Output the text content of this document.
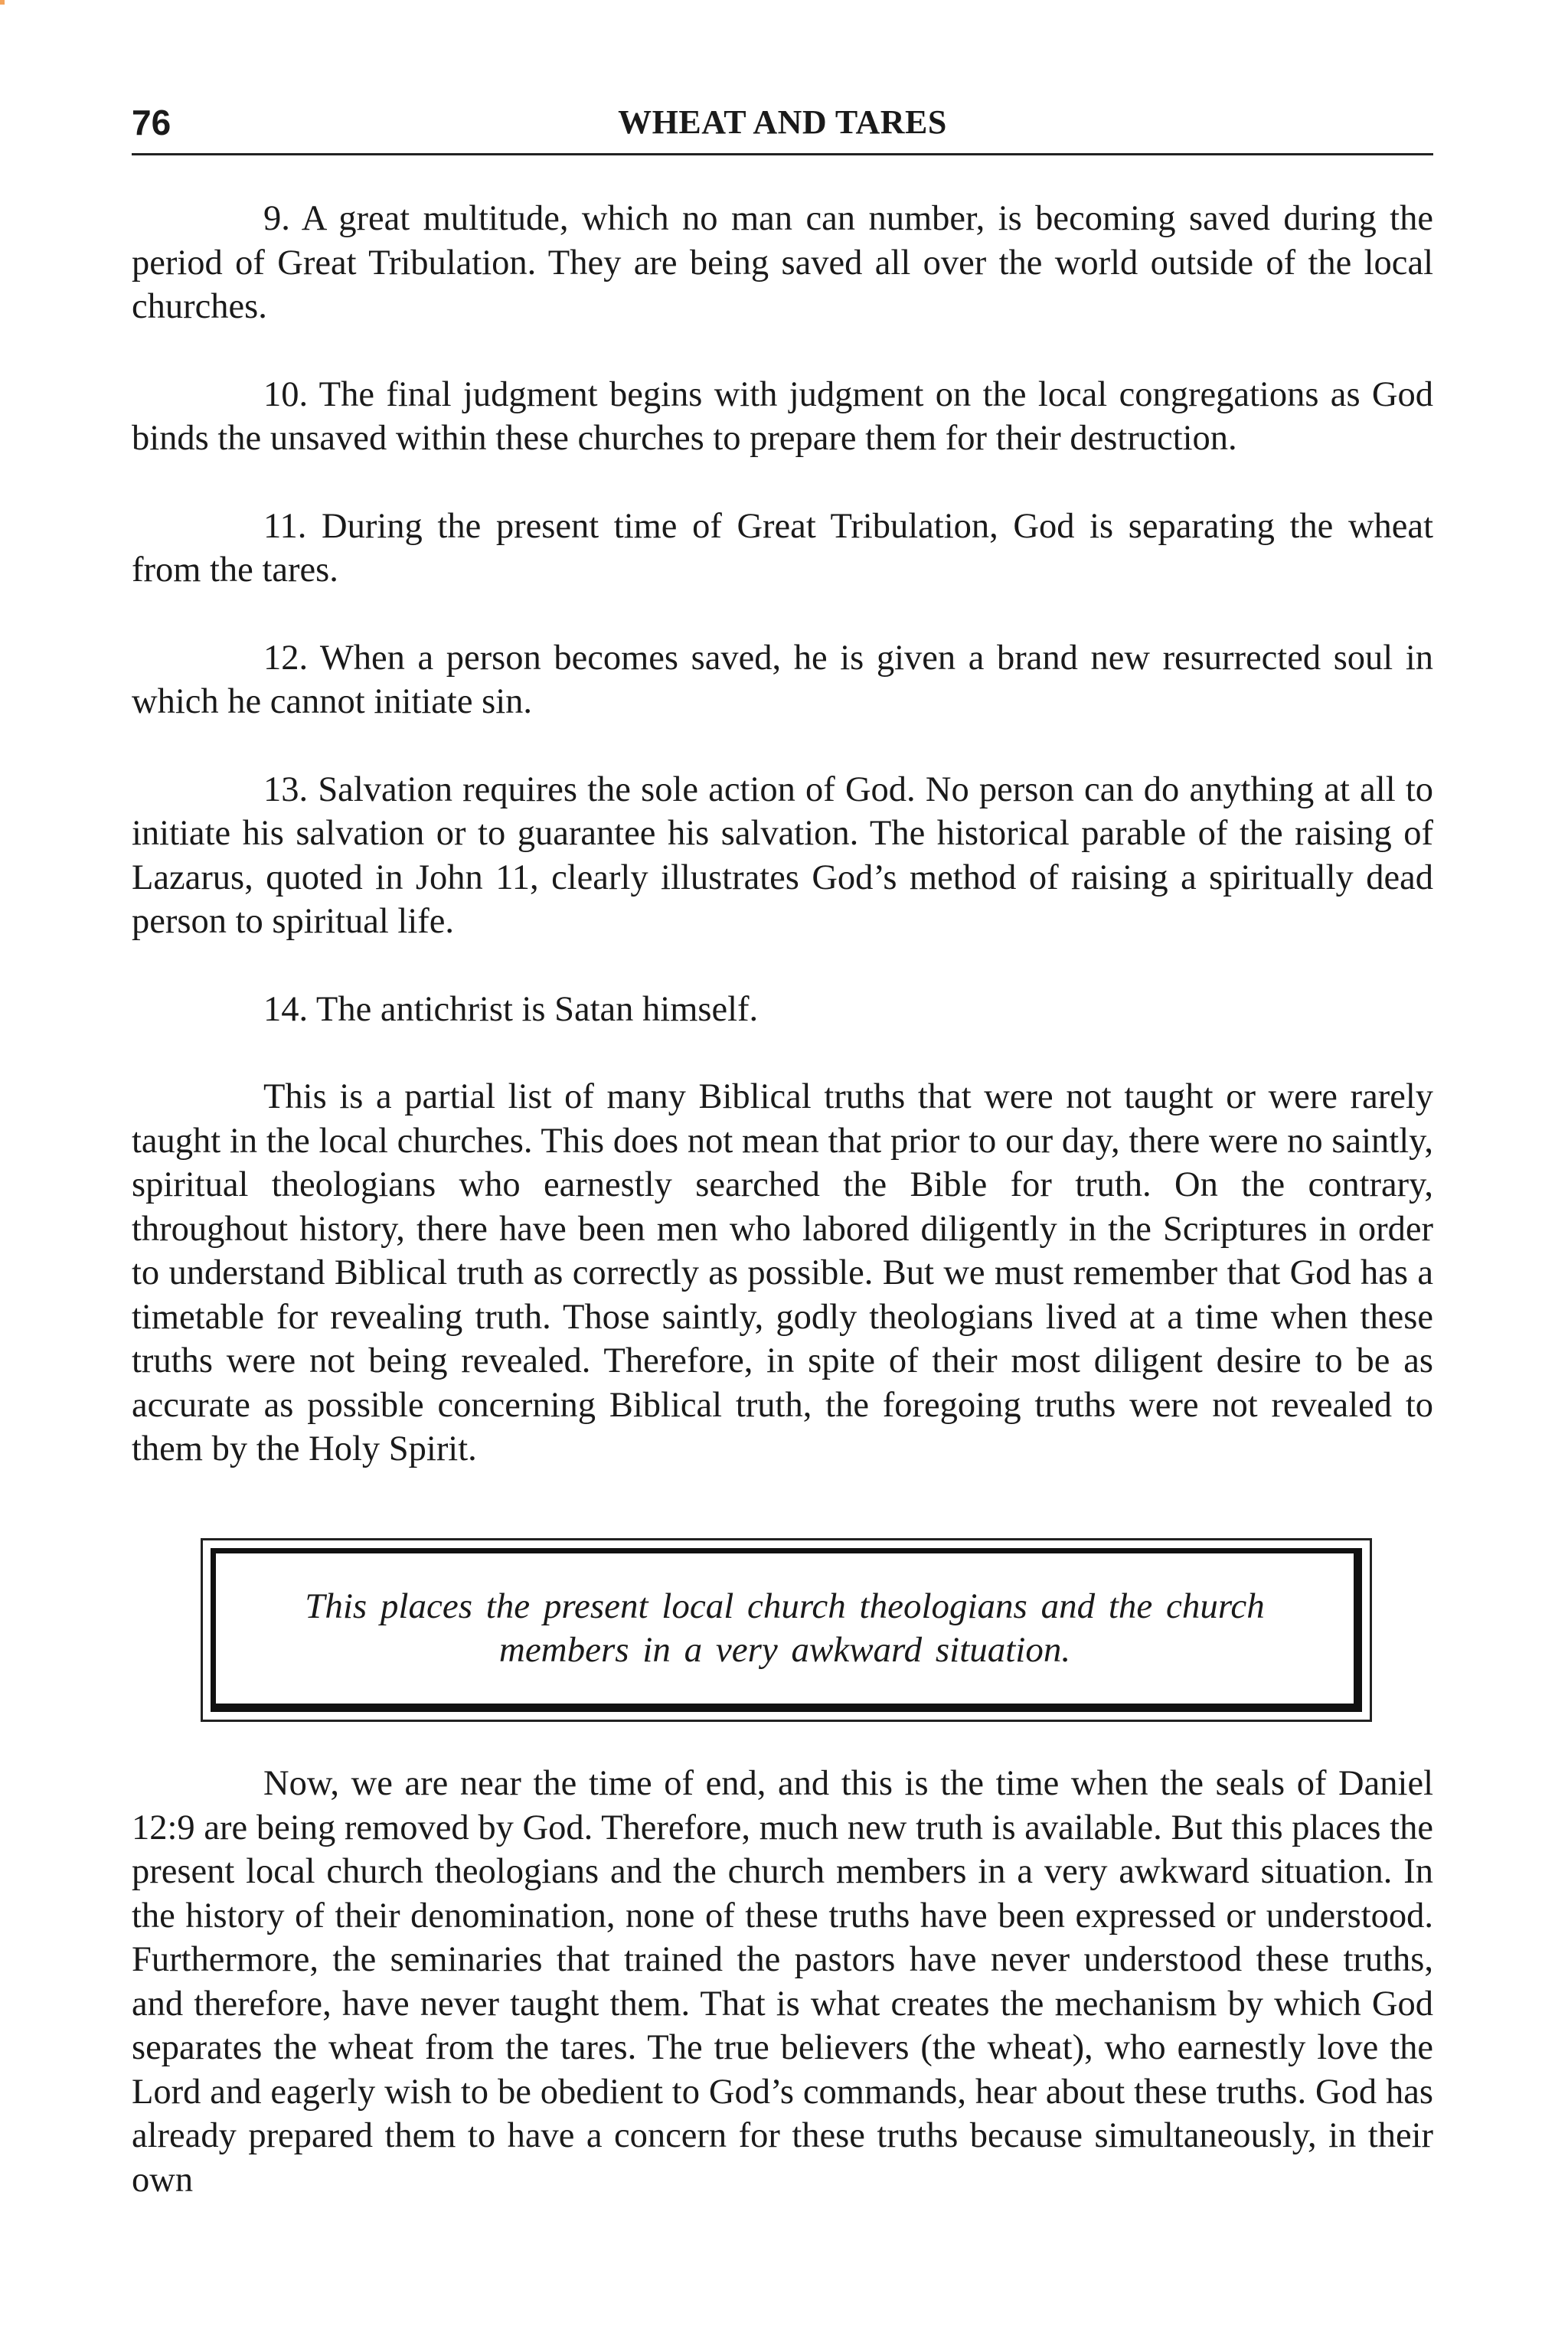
76	WHEAT AND TARES

9. A great multitude, which no man can number, is becoming saved during the period of Great Tribulation. They are being saved all over the world outside of the local churches.

10. The final judgment begins with judgment on the local congregations as God binds the unsaved within these churches to prepare them for their destruction.

11. During the present time of Great Tribulation, God is separating the wheat from the tares.

12. When a person becomes saved, he is given a brand new resurrected soul in which he cannot initiate sin.

13. Salvation requires the sole action of God. No person can do anything at all to initiate his salvation or to guarantee his salvation. The historical parable of the raising of Lazarus, quoted in John 11, clearly illustrates God’s method of raising a spiritually dead person to spiritual life.

14. The antichrist is Satan himself.

This is a partial list of many Biblical truths that were not taught or were rarely taught in the local churches. This does not mean that prior to our day, there were no saintly, spiritual theologians who earnestly searched the Bible for truth. On the contrary, throughout history, there have been men who labored diligently in the Scriptures in order to understand Biblical truth as correctly as possible. But we must remember that God has a timetable for revealing truth. Those saintly, godly theologians lived at a time when these truths were not being revealed. Therefore, in spite of their most diligent desire to be as accurate as possible concerning Biblical truth, the foregoing truths were not revealed to them by the Holy Spirit.

This places the present local church theologians and the church members in a very awkward situation.

Now, we are near the time of end, and this is the time when the seals of Daniel 12:9 are being removed by God. Therefore, much new truth is available. But this places the present local church theologians and the church members in a very awkward situation. In the history of their denomination, none of these truths have been expressed or understood. Furthermore, the seminaries that trained the pastors have never understood these truths, and therefore, have never taught them. That is what creates the mechanism by which God separates the wheat from the tares. The true believers (the wheat), who earnestly love the Lord and eagerly wish to be obedient to God’s commands, hear about these truths. God has already prepared them to have a concern for these truths because simultaneously, in their own
